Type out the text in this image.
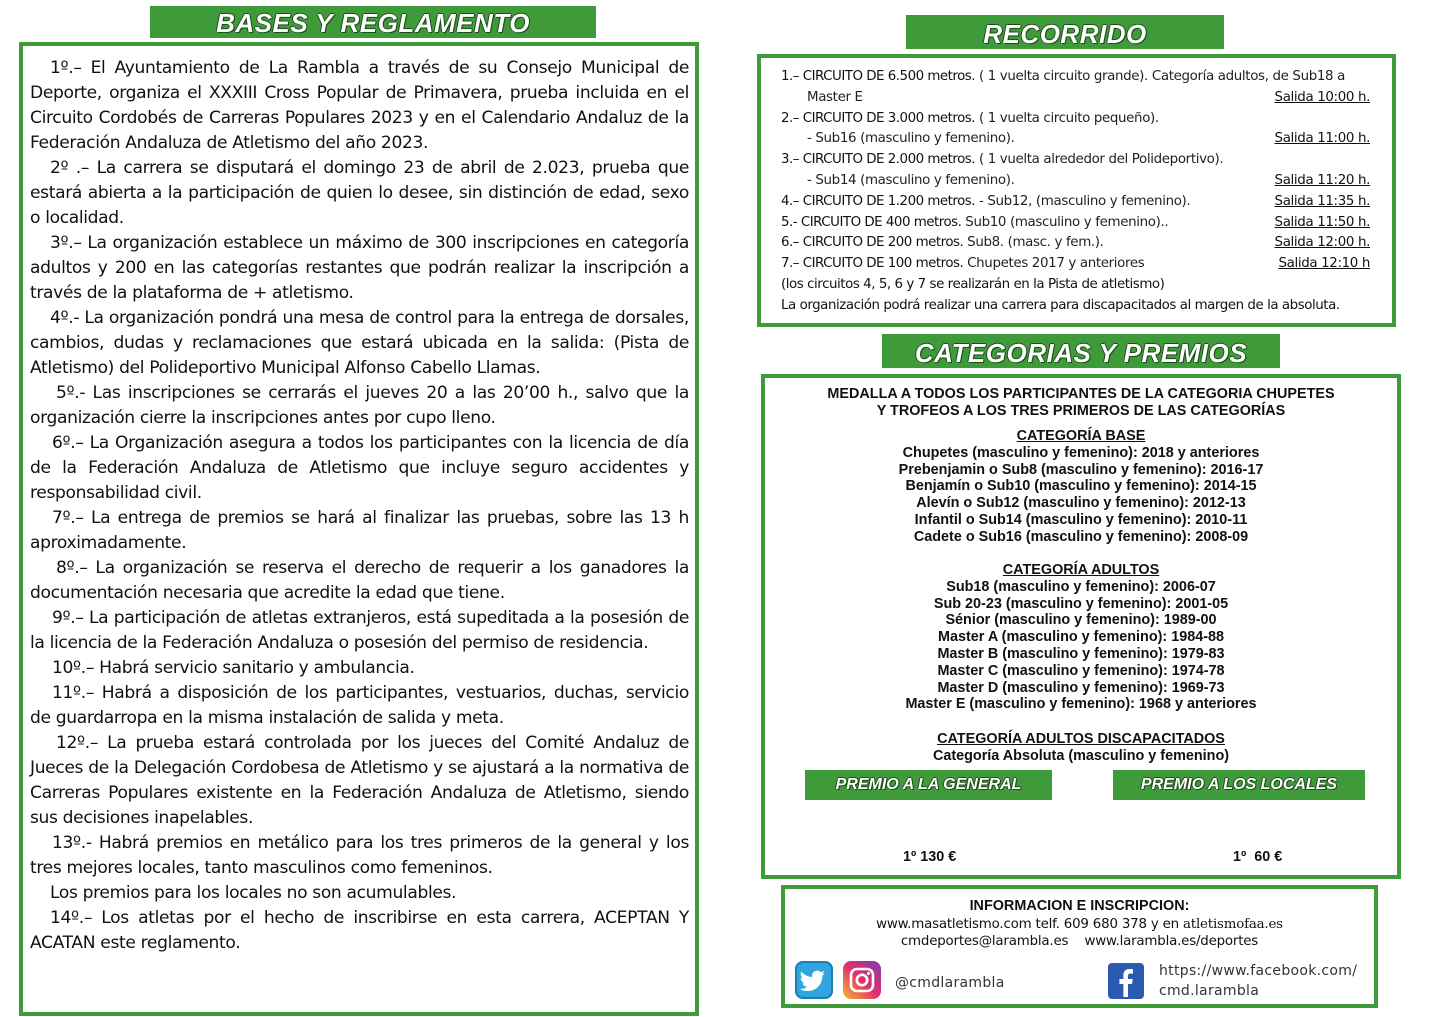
BASES Y REGLAMENTO

1º.– El Ayuntamiento de La Rambla a través de su Consejo Municipal de Deporte, organiza el XXXIII Cross Popular de Primavera, prueba incluida en el Circuito Cordobés de Carreras Populares 2023 y en el Calendario Andaluz de la Federación Andaluza de Atletismo del año 2023.

2º .– La carrera se disputará el domingo 23 de abril de 2.023, prueba que estará abierta a la participación de quien lo desee, sin distinción de edad, sexo o localidad.

3º.– La organización establece un máximo de 300 inscripciones en categoría adultos y 200 en las categorías restantes que podrán realizar la inscripción a través de la plataforma de + atletismo.

4º.- La organización pondrá una mesa de control para la entrega de dorsales, cambios, dudas y reclamaciones que estará ubicada en la salida: (Pista de Atletismo) del Polideportivo Municipal Alfonso Cabello Llamas.

5º.- Las inscripciones se cerrarás el jueves 20 a las 20’00 h., salvo que la organización cierre la inscripciones antes por cupo lleno.

6º.– La Organización asegura a todos los participantes con la licencia de día de la Federación Andaluza de Atletismo que incluye seguro accidentes y responsabilidad civil.

7º.– La entrega de premios se hará al finalizar las pruebas, sobre las 13 h aproximadamente.

8º.– La organización se reserva el derecho de requerir a los ganadores la documentación necesaria que acredite la edad que tiene.

9º.– La participación de atletas extranjeros, está supeditada a la posesión de la licencia de la Federación Andaluza o posesión del permiso de residencia.

10º.– Habrá servicio sanitario y ambulancia.

11º.– Habrá a disposición de los participantes, vestuarios, duchas, servicio de guardarropa en la misma instalación de salida y meta.

12º.– La prueba estará controlada por los jueces del Comité Andaluz de Jueces de la Delegación Cordobesa de Atletismo y se ajustará a la normativa de Carreras Populares existente en la Federación Andaluza de Atletismo, siendo sus decisiones inapelables.

13º.- Habrá premios en metálico para los tres primeros de la general y los tres mejores locales, tanto masculinos como femeninos.

Los premios para los locales no son acumulables.

14º.– Los atletas por el hecho de inscribirse en esta carrera, ACEPTAN Y ACATAN este reglamento.

RECORRIDO
1.– CIRCUITO DE 6.500 metros. ( 1 vuelta circuito grande). Categoría adultos, de Sub18 a
Master E	Salida 10:00 h.
2.– CIRCUITO DE 3.000 metros. ( 1 vuelta circuito pequeño).
- Sub16 (masculino y femenino).	Salida 11:00 h.
3.– CIRCUITO DE 2.000 metros. ( 1 vuelta alrededor del Polideportivo).
- Sub14 (masculino y femenino).	Salida 11:20 h.
4.– CIRCUITO DE 1.200 metros. - Sub12, (masculino y femenino).	Salida 11:35 h.
5.- CIRCUITO DE 400 metros. Sub10 (masculino y femenino)..	Salida 11:50 h.
6.– CIRCUITO DE 200 metros. Sub8. (masc. y fem.).	Salida 12:00 h.
7.– CIRCUITO DE 100 metros. Chupetes 2017 y anteriores	Salida 12:10 h
(los circuitos 4, 5, 6 y 7 se realizarán en la Pista de atletismo)
La organización podrá realizar una carrera para discapacitados al margen de la absoluta.
CATEGORIAS Y PREMIOS
MEDALLA A TODOS LOS PARTICIPANTES DE LA CATEGORIA CHUPETES
Y TROFEOS A LOS TRES PRIMEROS DE LAS CATEGORÍAS
CATEGORÍA BASE
Chupetes (masculino y femenino): 2018 y anteriores
Prebenjamin o Sub8 (masculino y femenino): 2016-17
Benjamín o Sub10 (masculino y femenino): 2014-15
Alevín o Sub12 (masculino y femenino): 2012-13
Infantil o Sub14 (masculino y femenino): 2010-11
Cadete o Sub16 (masculino y femenino): 2008-09
CATEGORÍA ADULTOS
Sub18 (masculino y femenino): 2006-07
Sub 20-23 (masculino y femenino): 2001-05
Sénior (masculino y femenino): 1989-00
Master A (masculino y femenino): 1984-88
Master B (masculino y femenino): 1979-83
Master C (masculino y femenino): 1974-78
Master D (masculino y femenino): 1969-73
Master E (masculino y femenino): 1968 y anteriores
CATEGORÍA ADULTOS DISCAPACITADOS
Categoría Absoluta (masculino y femenino)
PREMIO A LA GENERAL	PREMIO A LOS LOCALES

1º 130 €

	1º  60 €

INFORMACION E INSCRIPCION:
www.masatletismo.com telf. 609 680 378 y en atletismofaa.es
cmdeportes@larambla.es www.larambla.es/deportes
@cmdlarambla
https://www.facebook.com/
cmd.larambla
